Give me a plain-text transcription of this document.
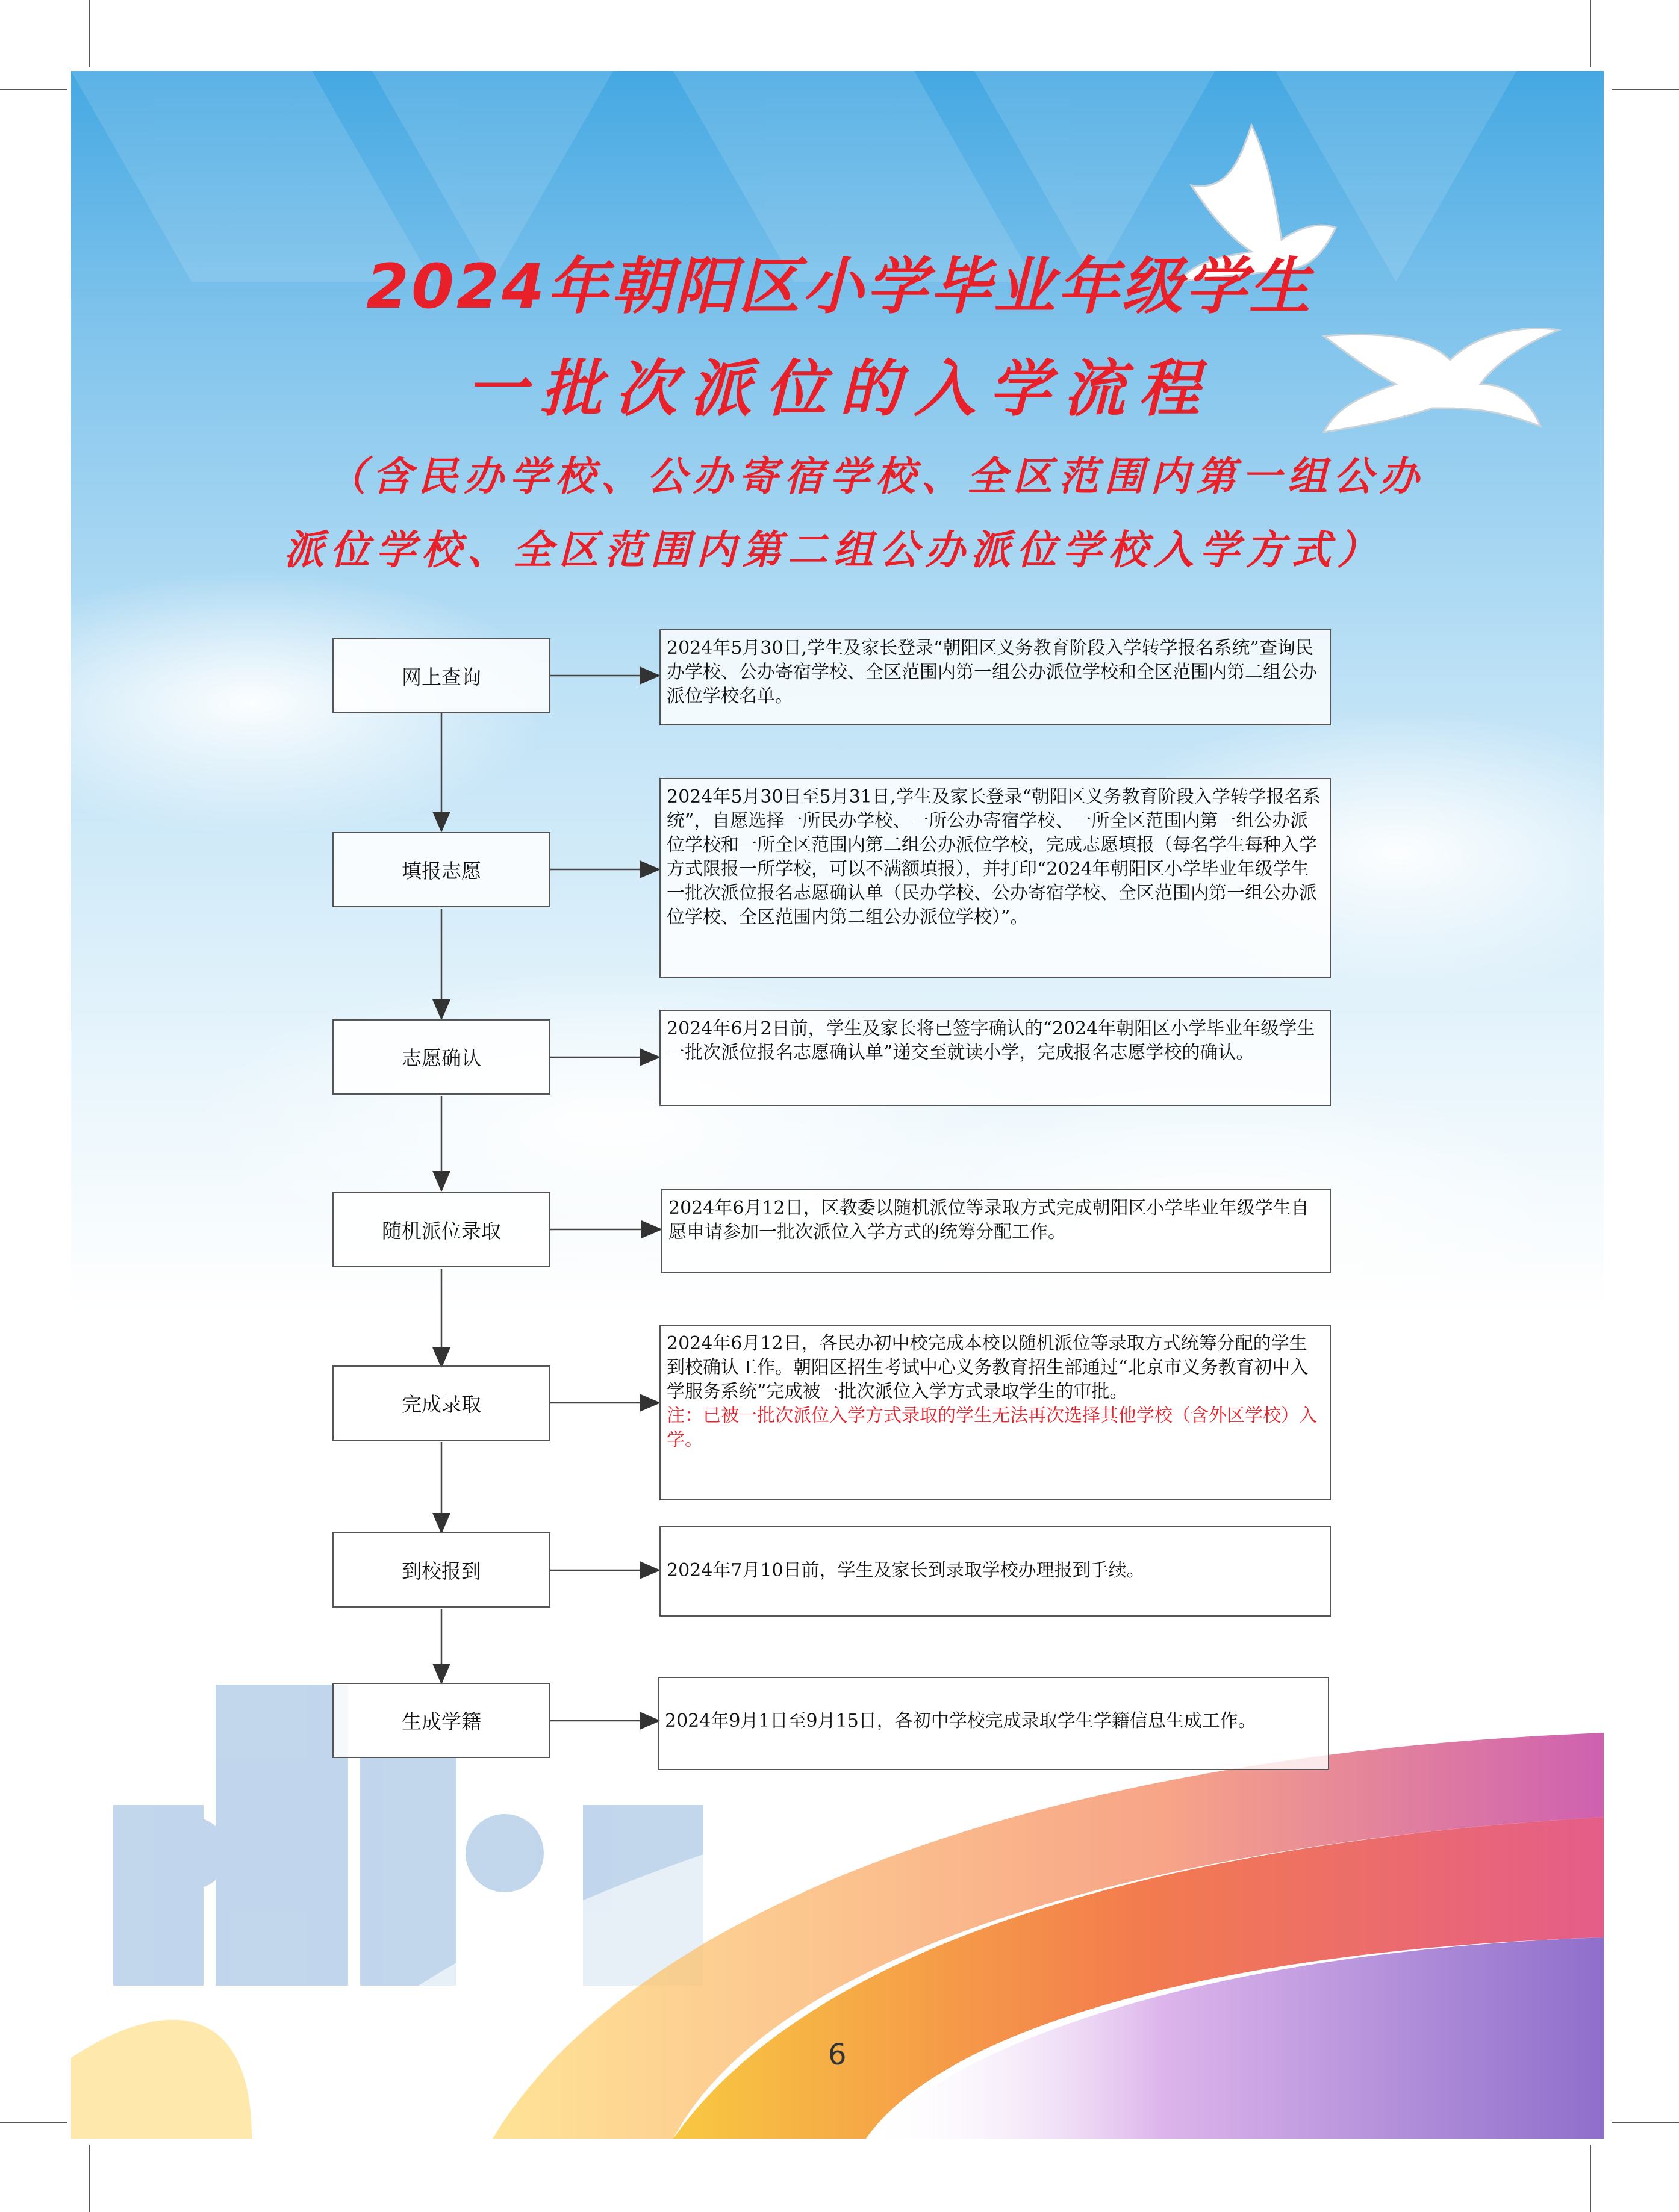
2024年朝阳区小学毕业年级学生
一批次派位的入学流程
（含民办学校、公办寄宿学校、全区范围内第一组公办
派位学校、全区范围内第二组公办派位学校入学方式）
网上查询
填报志愿
志愿确认
随机派位录取
完成录取
到校报到
生成学籍

2024年5月30日,学生及家长登录“朝阳区义务教育阶段入学转学报名系统”查询民办学校、公办寄宿学校、全区范围内第一组公办派位学校和全区范围内第二组公办派位学校名单。

2024年5月30日至5月31日,学生及家长登录“朝阳区义务教育阶段入学转学报名系统”，自愿选择一所民办学校、一所公办寄宿学校、一所全区范围内第一组公办派位学校和一所全区范围内第二组公办派位学校，完成志愿填报（每名学生每种入学方式限报一所学校，可以不满额填报），并打印“2024年朝阳区小学毕业年级学生一批次派位报名志愿确认单（民办学校、公办寄宿学校、全区范围内第一组公办派位学校、全区范围内第二组公办派位学校）”。

2024年6月2日前，学生及家长将已签字确认的“2024年朝阳区小学毕业年级学生一批次派位报名志愿确认单”递交至就读小学，完成报名志愿学校的确认。

2024年6月12日，区教委以随机派位等录取方式完成朝阳区小学毕业年级学生自愿申请参加一批次派位入学方式的统筹分配工作。

2024年6月12日，各民办初中校完成本校以随机派位等录取方式统筹分配的学生到校确认工作。朝阳区招生考试中心义务教育招生部通过“北京市义务教育初中入学服务系统”完成被一批次派位入学方式录取学生的审批。

注：已被一批次派位入学方式录取的学生无法再次选择其他学校（含外区学校）入学。

2024年7月10日前，学生及家长到录取学校办理报到手续。

2024年9月1日至9月15日，各初中学校完成录取学生学籍信息生成工作。

6
